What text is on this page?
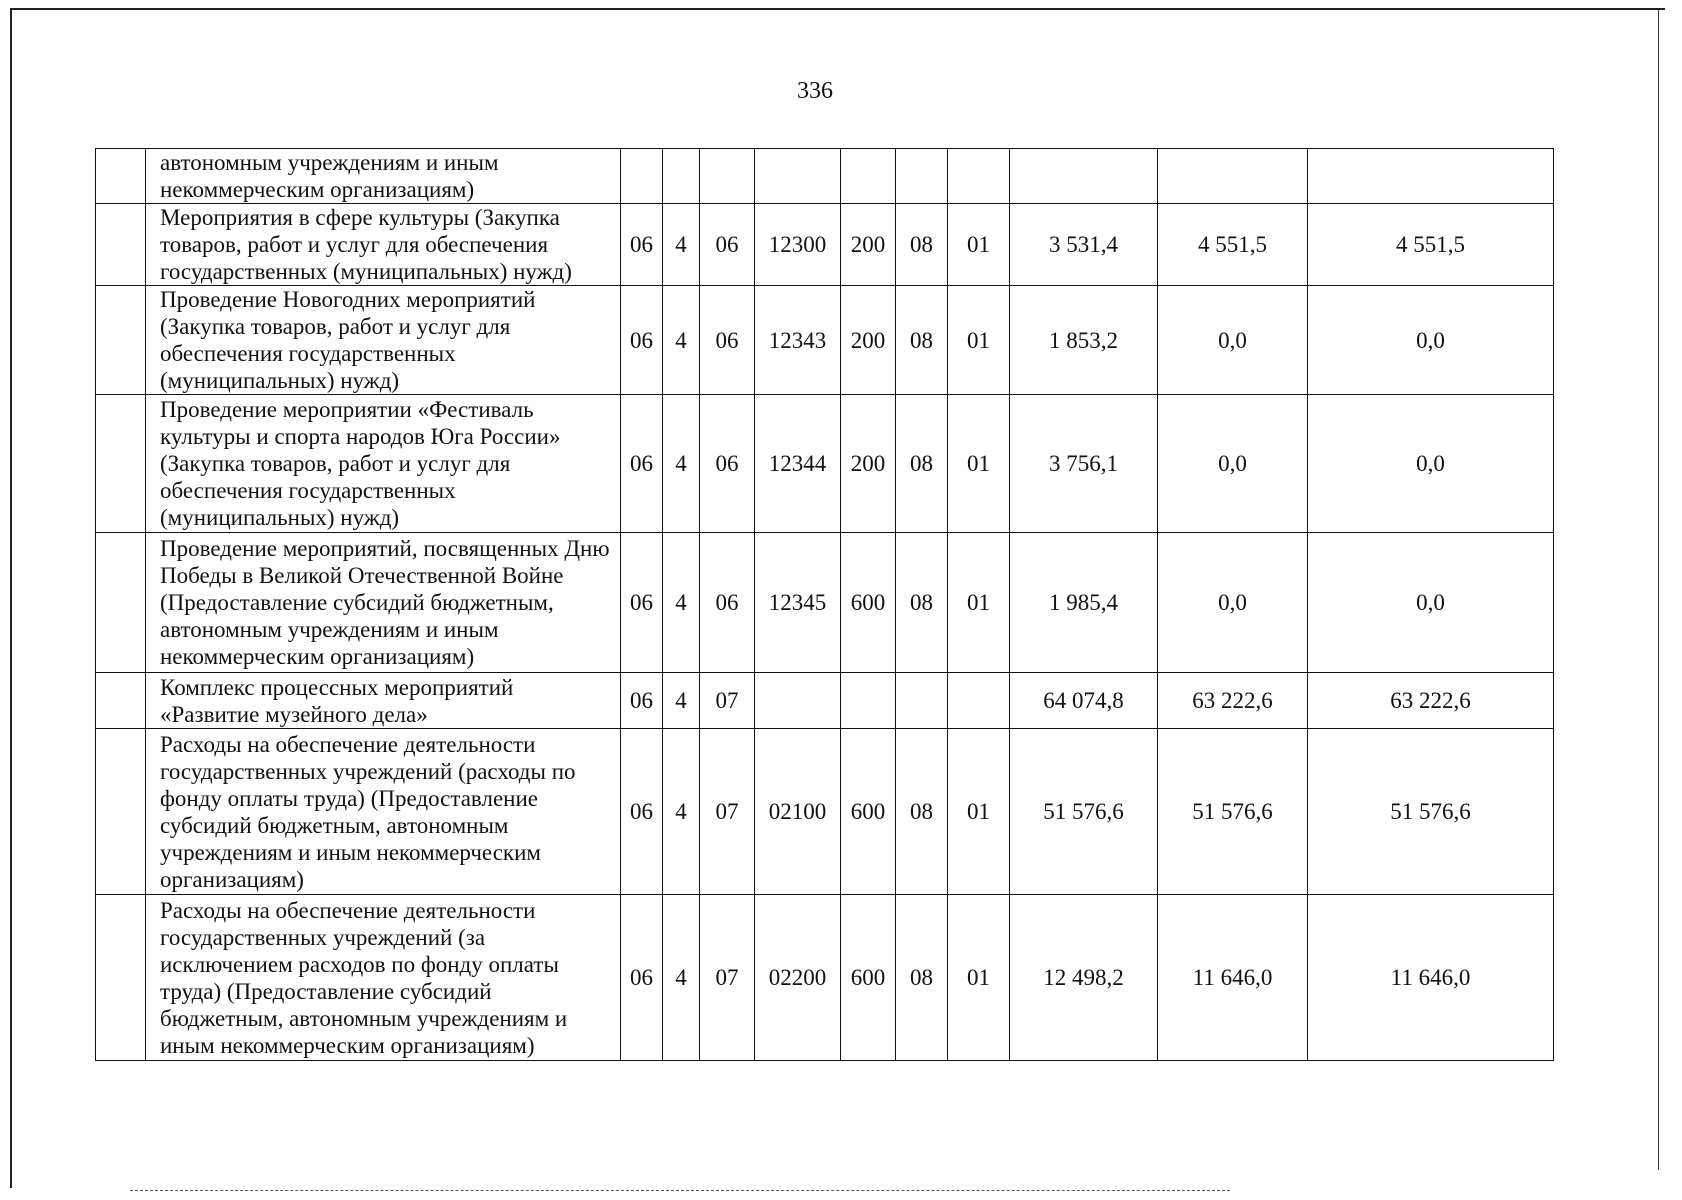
336
	автономным учреждениям и иным некоммерческим организациям)										
	Мероприятия в сфере культуры (Закупка товаров, работ и услуг для обеспечения государственных (муниципальных) нужд)	06	4	06	12300	200	08	01	3 531,4	4 551,5	4 551,5
	Проведение Новогодних мероприятий (Закупка товаров, работ и услуг для обеспечения государственных (муниципальных) нужд)	06	4	06	12343	200	08	01	1 853,2	0,0	0,0
	Проведение мероприятии «Фестиваль культуры и спорта народов Юга России» (Закупка товаров, работ и услуг для обеспечения государственных (муниципальных) нужд)	06	4	06	12344	200	08	01	3 756,1	0,0	0,0
	Проведение мероприятий, посвященных Дню Победы в Великой Отечественной Войне (Предоставление субсидий бюджетным, автономным учреждениям и иным некоммерческим организациям)	06	4	06	12345	600	08	01	1 985,4	0,0	0,0
	Комплекс процессных мероприятий «Развитие музейного дела»	06	4	07					64 074,8	63 222,6	63 222,6
	Расходы на обеспечение деятельности государственных учреждений (расходы по фонду оплаты труда) (Предоставление субсидий бюджетным, автономным учреждениям и иным некоммерческим организациям)	06	4	07	02100	600	08	01	51 576,6	51 576,6	51 576,6
	Расходы на обеспечение деятельности государственных учреждений (за исключением расходов по фонду оплаты труда) (Предоставление субсидий бюджетным, автономным учреждениям и иным некоммерческим организациям)	06	4	07	02200	600	08	01	12 498,2	11 646,0	11 646,0
